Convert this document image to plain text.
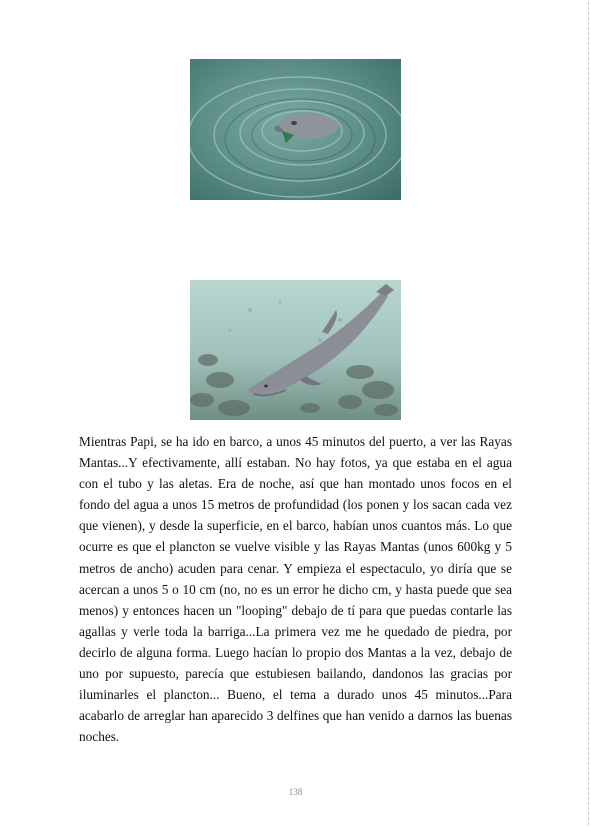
Mientras Papi, se ha ido en barco, a unos 45 minutos del puerto, a ver las Rayas Mantas...Y efectivamente, allí estaban. No hay fotos, ya que estaba en el agua con el tubo y las aletas. Era de noche, así que han montado unos focos en el fondo del agua a unos 15 metros de profundidad (los ponen y los sacan cada vez que vienen), y desde la superficie, en el barco, habían unos cuantos más. Lo que ocurre es que el plancton se vuelve visible y las Rayas Mantas (unos 600kg y 5 metros de ancho) acuden para cenar. Y empieza el espectaculo, yo diría que se acercan a unos 5 o 10 cm (no, no es un error he dicho cm, y hasta puede que sea menos) y entonces hacen un "looping" debajo de tí para que puedas contarle las agallas y verle toda la barriga...La primera vez me he quedado de piedra, por decirlo de alguna forma. Luego hacían lo propio dos Mantas a la vez, debajo de uno por supuesto, parecía que estubiesen bailando, dandonos las gracias por iluminarles el plancton... Bueno, el tema a durado unos 45 minutos...Para acabarlo de arreglar han aparecido 3 delfines que han venido a darnos las buenas noches.
138
